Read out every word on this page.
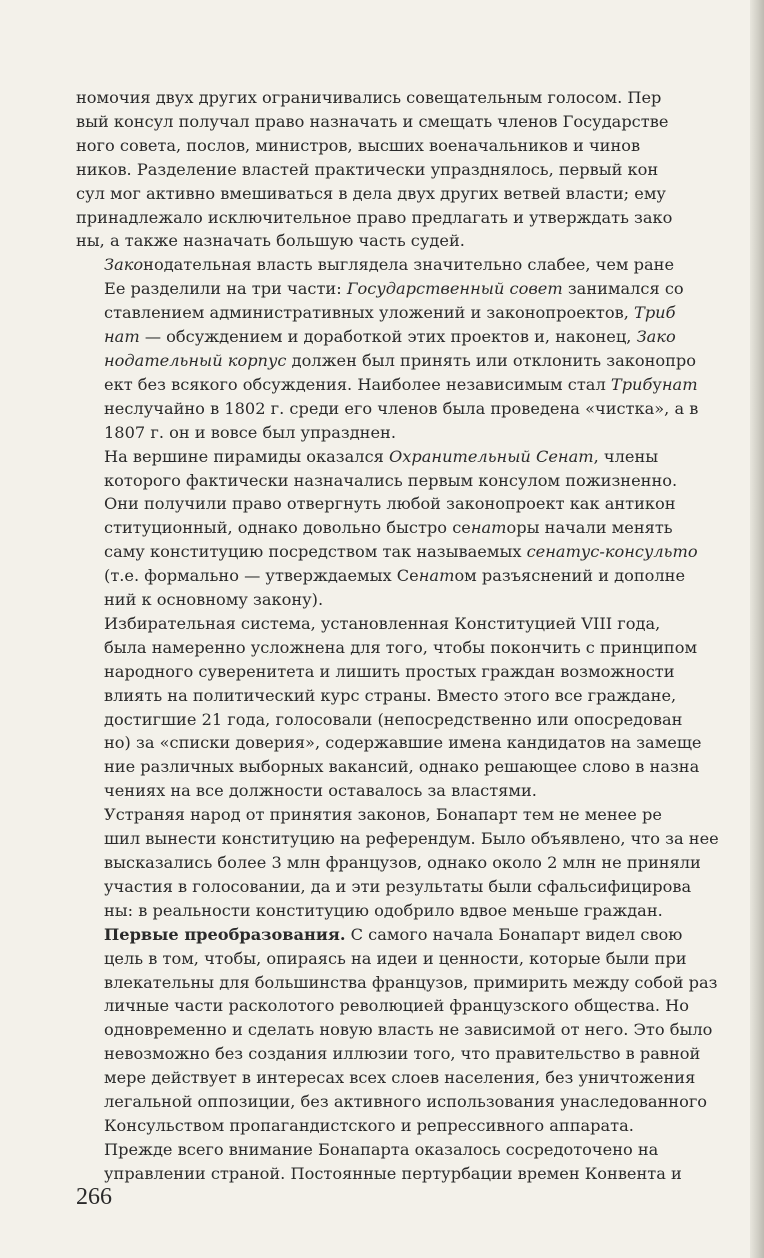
номочия двух других ограничивались совещательным голосом. Пер
вый консул получал право назначать и смещать членов Государстве
ного совета, послов, министров, высших военачальников и чинов
ников. Разделение властей практически упразднялось, первый кон
сул мог активно вмешиваться в дела двух других ветвей власти; ему
принадлежало исключительное право предлагать и утверждать зако
ны, а также назначать большую часть судей.

Законодательная власть выглядела значительно слабее, чем ране
Ее разделили на три части: Государственный совет занимался со
ставлением административных уложений и законопроектов, Триб
нат — обсуждением и доработкой этих проектов и, наконец, Зако
нодательный корпус должен был принять или отклонить законопро
ект без всякого обсуждения. Наиболее независимым стал Трибунат
неслучайно в 1802 г. среди его членов была проведена «чистка», а в
1807 г. он и вовсе был упразднен.

На вершине пирамиды оказался Охранительный Сенат, члены
которого фактически назначались первым консулом пожизненно.
Они получили право отвергнуть любой законопроект как антикон
ституционный, однако довольно быстро сенаторы начали менять
саму конституцию посредством так называемых сенатус-консульто
(т.е. формально — утверждаемых Сенатом разъяснений и дополне
ний к основному закону).

Избирательная система, установленная Конституцией VIII года,
была намеренно усложнена для того, чтобы покончить с принципом
народного суверенитета и лишить простых граждан возможности
влиять на политический курс страны. Вместо этого все граждане,
достигшие 21 года, голосовали (непосредственно или опосредован
но) за «списки доверия», содержавшие имена кандидатов на замеще
ние различных выборных вакансий, однако решающее слово в назна
чениях на все должности оставалось за властями.

Устраняя народ от принятия законов, Бонапарт тем не менее ре
шил вынести конституцию на референдум. Было объявлено, что за нее
высказались более 3 млн французов, однако около 2 млн не приняли
участия в голосовании, да и эти результаты были сфальсифицирова
ны: в реальности конституцию одобрило вдвое меньше граждан.

Первые преобразования. С самого начала Бонапарт видел свою
цель в том, чтобы, опираясь на идеи и ценности, которые были при
влекательны для большинства французов, примирить между собой раз
личные части расколотого революцией французского общества. Но
одновременно и сделать новую власть не зависимой от него. Это было
невозможно без создания иллюзии того, что правительство в равной
мере действует в интересах всех слоев населения, без уничтожения
легальной оппозиции, без активного использования унаследованного
Консульством пропагандистского и репрессивного аппарата.

Прежде всего внимание Бонапарта оказалось сосредоточено на
управлении страной. Постоянные пертурбации времен Конвента и

266
